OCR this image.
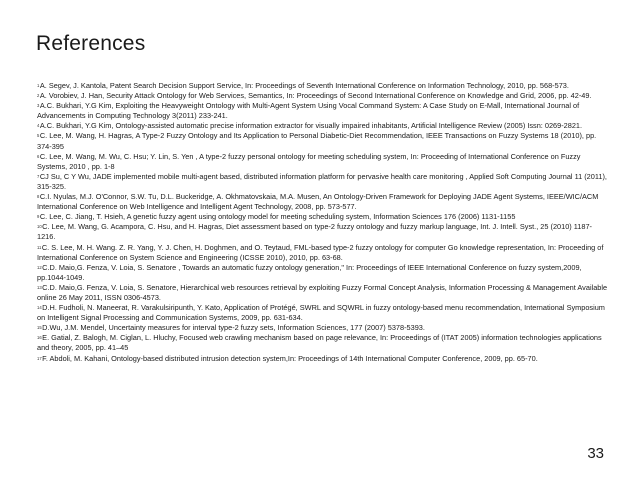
References

1A. Segev, J. Kantola, Patent Search Decision Support Service, In: Proceedings of Seventh International Conference on Information Technology, 2010, pp. 568-573.

2A. Vorobiev, J. Han, Security Attack Ontology for Web Services, Semantics, In: Proceedings of Second International Conference on Knowledge and Grid, 2006, pp. 42-49.

3A.C. Bukhari, Y.G Kim, Exploiting the Heavyweight Ontology with Multi-Agent System Using Vocal Command System: A Case Study on E-Mall, International Journal of Advancements in Computing Technology 3(2011) 233-241.

4A.C. Bukhari, Y.G Kim, Ontology-assisted automatic precise information extractor for visually impaired inhabitants, Artificial Intelligence Review (2005) Issn: 0269-2821.

5C. Lee, M. Wang, H. Hagras, A Type-2 Fuzzy Ontology and Its Application to Personal Diabetic-Diet Recommendation, IEEE Transactions on Fuzzy Systems 18 (2010), pp. 374-395

6C. Lee, M. Wang, M. Wu, C. Hsu; Y. Lin, S. Yen , A type-2 fuzzy personal ontology for meeting scheduling system, In: Proceeding of International Conference on Fuzzy Systems, 2010 , pp. 1-8

7CJ Su, C Y Wu, JADE implemented mobile multi-agent based, distributed information platform for pervasive health care monitoring , Applied Soft Computing Journal 11 (2011), 315-325.

8C.I. Nyulas, M.J. O'Connor, S.W. Tu, D.L. Buckeridge, A. Okhmatovskaia, M.A. Musen, An Ontology-Driven Framework for Deploying JADE Agent Systems, IEEE/WIC/ACM International Conference on Web Intelligence and Intelligent Agent Technology, 2008, pp. 573-577.

9C. Lee, C. Jiang, T. Hsieh, A genetic fuzzy agent using ontology model for meeting scheduling system, Information Sciences 176 (2006) 1131-1155

10C. Lee, M. Wang, G. Acampora, C. Hsu, and H. Hagras, Diet assessment based on type-2 fuzzy ontology and fuzzy markup language, Int. J. Intell. Syst., 25 (2010) 1187-1216.

11C. S. Lee, M. H. Wang. Z. R. Yang, Y. J. Chen, H. Doghmen, and O. Teytaud, FML-based type-2 fuzzy ontology for computer Go knowledge representation, In: Proceeding of International Conference on System Science and Engineering (ICSSE 2010), 2010, pp. 63-68.

12C.D. Maio,G. Fenza, V. Loia, S. Senatore , Towards an automatic fuzzy ontology generation," In: Proceedings of IEEE International Conference on fuzzy system,2009, pp.1044-1049.

13C.D. Maio,G. Fenza, V. Loia, S. Senatore, Hierarchical web resources retrieval by exploiting Fuzzy Formal Concept Analysis, Information Processing & Management Available online 26 May 2011, ISSN 0306-4573.

14D.H. Fudholi, N. Maneerat, R. Varakulsiripunth, Y. Kato, Application of Protégé, SWRL and SQWRL in fuzzy ontology-based menu recommendation, International Symposium on Intelligent Signal Processing and Communication Systems, 2009, pp. 631-634.

15D.Wu, J.M. Mendel, Uncertainty measures for interval type-2 fuzzy sets, Information Sciences, 177 (2007) 5378-5393.

16E. Gatial, Z. Balogh, M. Ciglan, L. Hluchy, Focused web crawling mechanism based on page relevance, In: Proceedings of (ITAT 2005) information technologies applications and theory, 2005, pp. 41–45

17F. Abdoli, M. Kahani, Ontology-based distributed intrusion detection system,In: Proceedings of 14th International Computer Conference, 2009, pp. 65-70.

33
